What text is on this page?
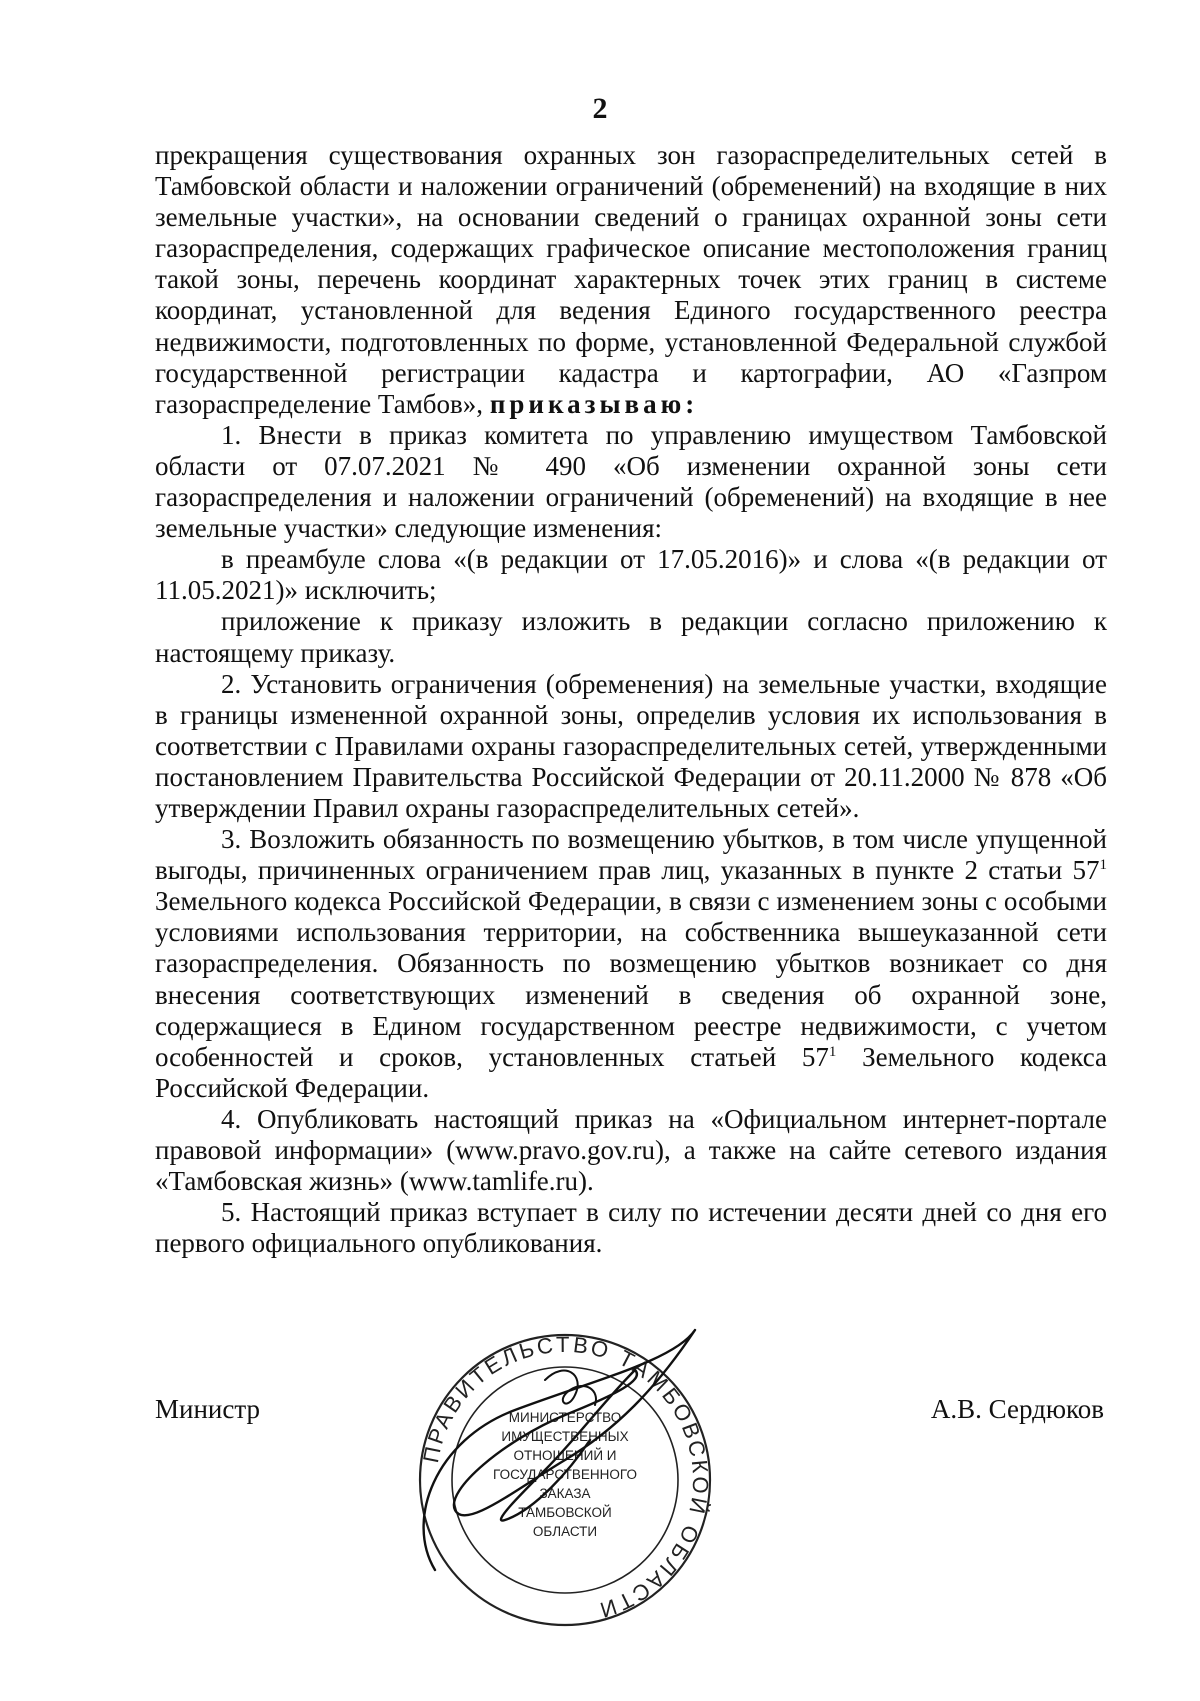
2

прекращения существования охранных зон газораспределительных сетей в Тамбовской области и наложении ограничений (обременений) на входящие в них земельные участки», на основании сведений о границах охранной зоны сети газораспределения, содержащих графическое описание местоположения границ такой зоны, перечень координат характерных точек этих границ в системе координат, установленной для ведения Единого государственного реестра недвижимости, подготовленных по форме, установленной Федеральной службой государственной регистрации кадастра и картографии, АО «Газпром газораспределение Тамбов», приказываю:

1. Внести в приказ комитета по управлению имуществом Тамбовской области от 07.07.2021 № 490 «Об изменении охранной зоны сети газораспределения и наложении ограничений (обременений) на входящие в нее земельные участки» следующие изменения:

в преамбуле слова «(в редакции от 17.05.2016)» и слова «(в редакции от 11.05.2021)» исключить;

приложение к приказу изложить в редакции согласно приложению к настоящему приказу.

2. Установить ограничения (обременения) на земельные участки, входящие в границы измененной охранной зоны, определив условия их использования в соответствии с Правилами охраны газораспределительных сетей, утвержденными постановлением Правительства Российской Федерации от 20.11.2000 № 878 «Об утверждении Правил охраны газораспределительных сетей».

3. Возложить обязанность по возмещению убытков, в том числе упущенной выгоды, причиненных ограничением прав лиц, указанных в пункте 2 статьи $57^1$ Земельного кодекса Российской Федерации, в связи с изменением зоны с особыми условиями использования территории, на собственника вышеуказанной сети газораспределения. Обязанность по возмещению убытков возникает со дня внесения соответствующих изменений в сведения об охранной зоне, содержащиеся в Едином государственном реестре недвижимости, с учетом особенностей и сроков, установленных статьей $57^1$ Земельного кодекса Российской Федерации.

4. Опубликовать настоящий приказ на «Официальном интернет-портале правовой информации» (www.pravo.gov.ru), а также на сайте сетевого издания «Тамбовская жизнь» (www.tamlife.ru).

5. Настоящий приказ вступает в силу по истечении десяти дней со дня его первого официального опубликования.

Министр	А.В. Сердюков
ПРАВИТЕЛЬСТВО ТАМБОВСКОЙ ОБЛАСТИ
МИНИСТЕРСТВО
ИМУЩЕСТВЕННЫХ
ОТНОШЕНИЙ И
ГОСУДАРСТВЕННОГО
ЗАКАЗА
ТАМБОВСКОЙ
ОБЛАСТИ
